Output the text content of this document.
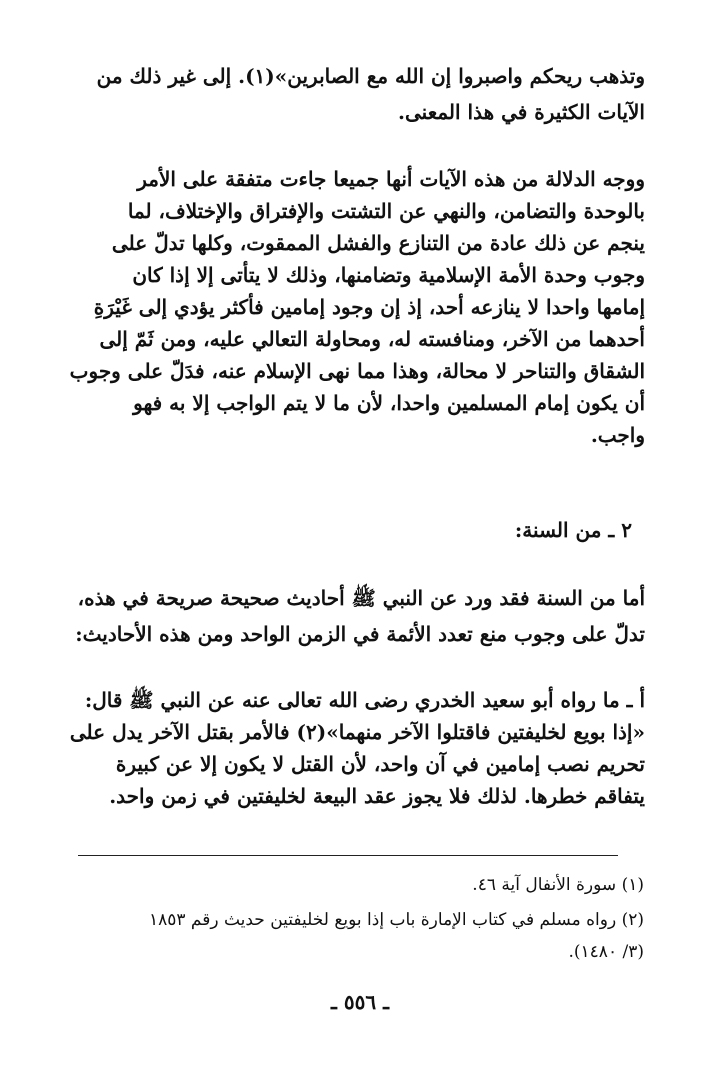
وتذهب ريحكم واصبروا إن الله مع الصابرين»(١). إلى غير ذلك من
الآيات الكثيرة في هذا المعنى.
ووجه الدلالة من هذه الآيات أنها جميعا جاءت متفقة على الأمر
بالوحدة والتضامن، والنهي عن التشتت والإفتراق والإختلاف، لما
ينجم عن ذلك عادة من التنازع والفشل الممقوت، وكلها تدلّ على
وجوب وحدة الأمة الإسلامية وتضامنها، وذلك لا يتأتى إلا إذا كان
إمامها واحدا لا ينازعه أحد، إذ إن وجود إمامين فأكثر يؤدي إلى غَيْرَةِ
أحدهما من الآخر، ومنافسته له، ومحاولة التعالي عليه، ومن ثَمّ إلى
الشقاق والتناحر لا محالة، وهذا مما نهى الإسلام عنه، فدَلّ على وجوب
أن يكون إمام المسلمين واحدا، لأن ما لا يتم الواجب إلا به فهو
واجب.
٢ ـ من السنة:
أما من السنة فقد ورد عن النبي ﷺ أحاديث صحيحة صريحة في هذه،
تدلّ على وجوب منع تعدد الأئمة في الزمن الواحد ومن هذه الأحاديث:
أ ـ ما رواه أبو سعيد الخدري رضى الله تعالى عنه عن النبي ﷺ قال:
«إذا بويع لخليفتين فاقتلوا الآخر منهما»(٢) فالأمر بقتل الآخر يدل على
تحريم نصب إمامين في آن واحد، لأن القتل لا يكون إلا عن كبيرة
يتفاقم خطرها. لذلك فلا يجوز عقد البيعة لخليفتين في زمن واحد.
(١) سورة الأنفال آية ٤٦.
(٢) رواه مسلم في كتاب الإمارة باب إذا بويع لخليفتين حديث رقم ١٨٥٣
(٣/ ١٤٨٠).
ـ ٥٥٦ ـ
